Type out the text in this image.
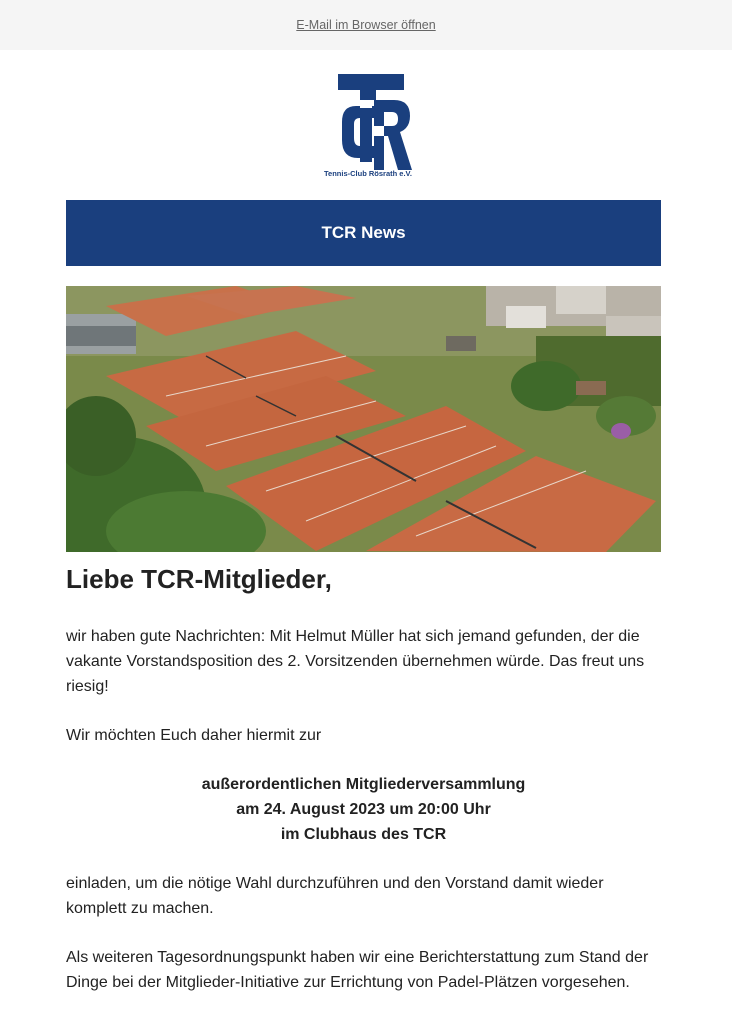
E-Mail im Browser öffnen
Tennis-Club Rösrath e.V.
TCR News
Liebe TCR-Mitglieder,

wir haben gute Nachrichten: Mit Helmut Müller hat sich jemand gefunden, der die vakante Vorstandsposition des 2. Vorsitzenden übernehmen würde. Das freut uns riesig!

Wir möchten Euch daher hiermit zur

außerordentlichen Mitgliederversammlung
am 24. August 2023 um 20:00 Uhr
im Clubhaus des TCR

einladen, um die nötige Wahl durchzuführen und den Vorstand damit wieder komplett zu machen.

Als weiteren Tagesordnungspunkt haben wir eine Berichterstattung zum Stand der Dinge bei der Mitglieder-Initiative zur Errichtung von Padel-Plätzen vorgesehen.
